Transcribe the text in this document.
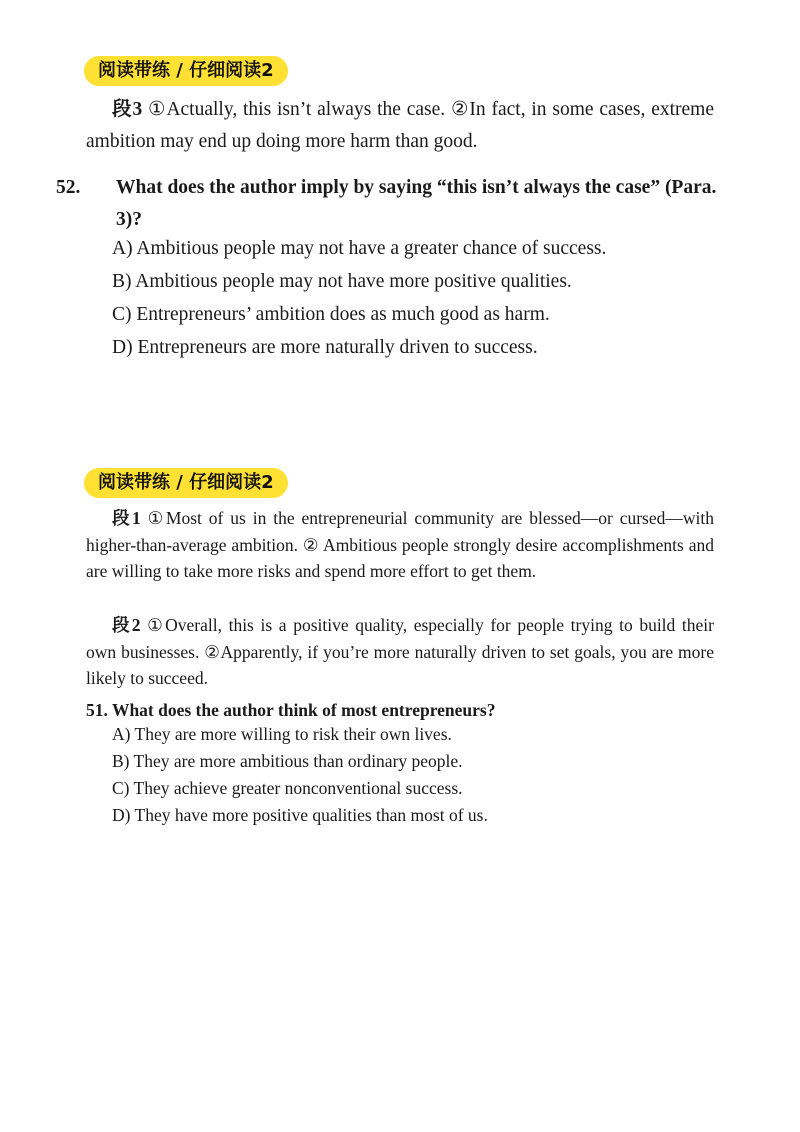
阅读带练 / 仔细阅读2

段3 ①Actually, this isn’t always the case. ②In fact, in some cases, extreme ambition may end up doing more harm than good.

52. What does the author imply by saying “this isn’t always the case” (Para. 3)?

A) Ambitious people may not have a greater chance of success.
B) Ambitious people may not have more positive qualities.
C) Entrepreneurs’ ambition does as much good as harm.
D) Entrepreneurs are more naturally driven to success.
阅读带练 / 仔细阅读2

段1 ①Most of us in the entrepreneurial community are blessed—or cursed—with higher-than-average ambition. ② Ambitious people strongly desire accomplishments and are willing to take more risks and spend more effort to get them.

段2 ①Overall, this is a positive quality, especially for people trying to build their own businesses. ②Apparently, if you’re more naturally driven to set goals, you are more likely to succeed.

51. What does the author think of most entrepreneurs?

A) They are more willing to risk their own lives.
B) They are more ambitious than ordinary people.
C) They achieve greater nonconventional success.
D) They have more positive qualities than most of us.
